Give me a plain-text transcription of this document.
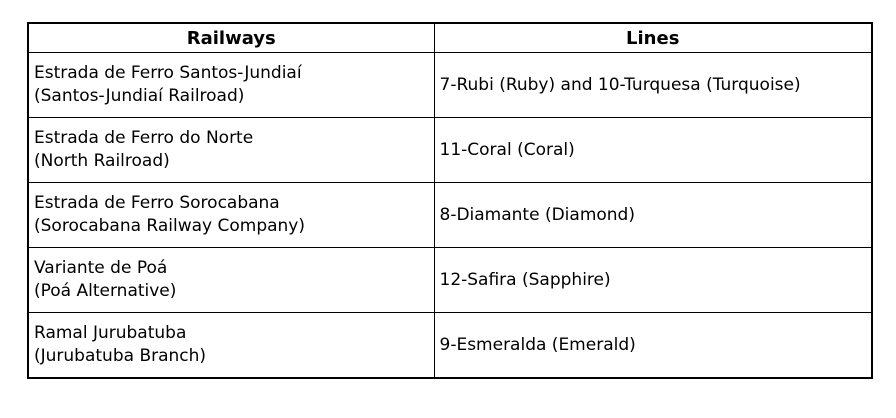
Railways	Lines

Estrada de Ferro Santos-Jundiaí
(Santos-Jundiaí Railroad)	7-Rubi (Ruby) and 10-Turquesa (Turquoise)

Estrada de Ferro do Norte
(North Railroad)	11-Coral (Coral)

Estrada de Ferro Sorocabana
(Sorocabana Railway Company)	8-Diamante (Diamond)

Variante de Poá
(Poá Alternative)	12-Safira (Sapphire)

Ramal Jurubatuba
(Jurubatuba Branch)	9-Esmeralda (Emerald)
